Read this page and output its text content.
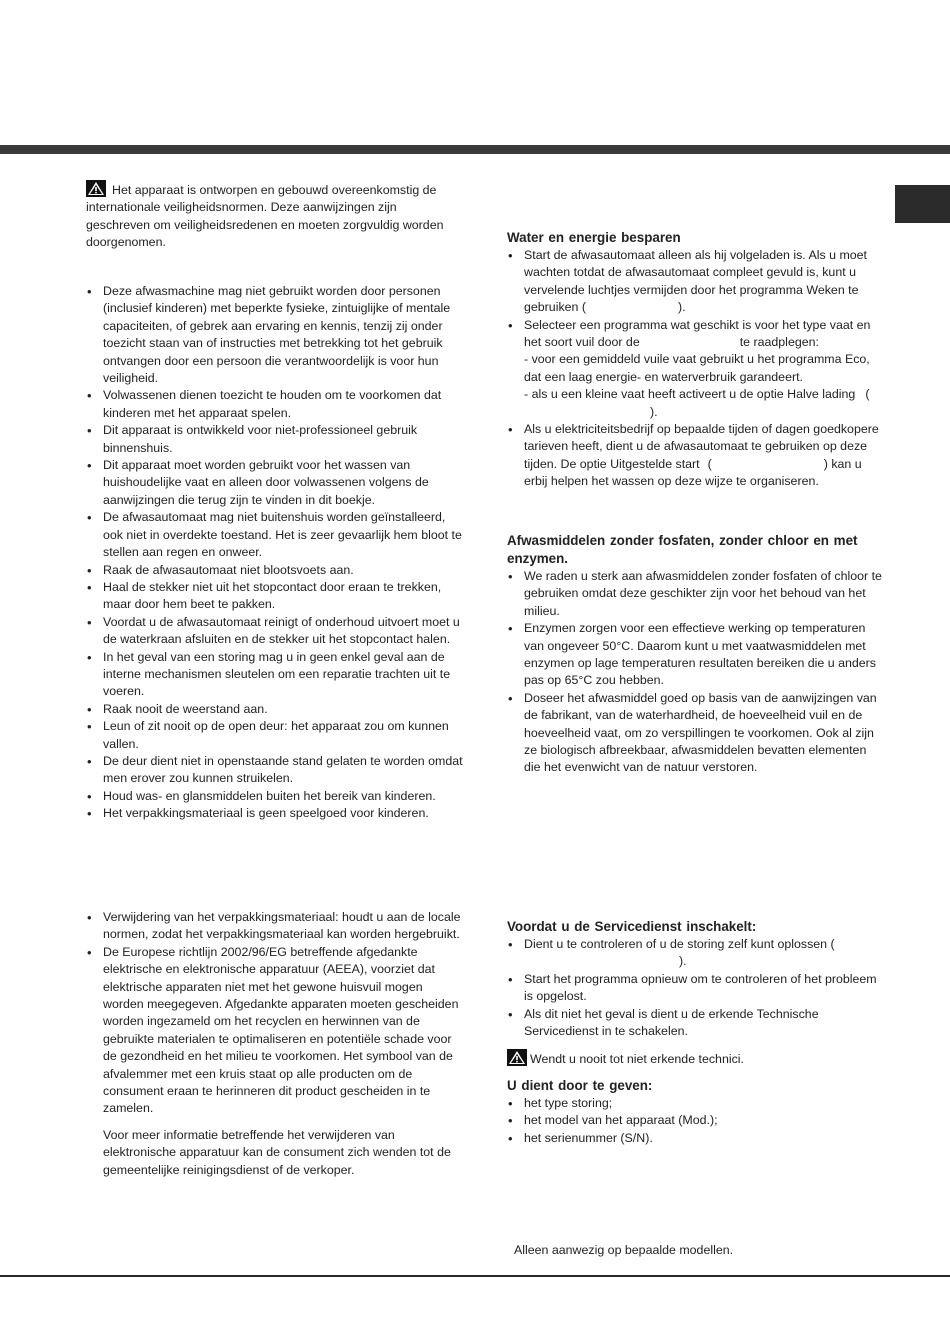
Het apparaat is ontworpen en gebouwd overeenkomstig de internationale veiligheidsnormen. Deze aanwijzingen zijn geschreven om veiligheidsredenen en moeten zorgvuldig worden doorgenomen.

• Deze afwasmachine mag niet gebruikt worden door personen (inclusief kinderen) met beperkte fysieke, zintuiglijke of mentale capaciteiten, of gebrek aan ervaring en kennis, tenzij zij onder toezicht staan van of instructies met betrekking tot het gebruik ontvangen door een persoon die verantwoordelijk is voor hun veiligheid.
• Volwassenen dienen toezicht te houden om te voorkomen dat kinderen met het apparaat spelen.
• Dit apparaat is ontwikkeld voor niet-professioneel gebruik binnenshuis.
• Dit apparaat moet worden gebruikt voor het wassen van huishoudelijke vaat en alleen door volwassenen volgens de aanwijzingen die terug zijn te vinden in dit boekje.
• De afwasautomaat mag niet buitenshuis worden geïnstalleerd, ook niet in overdekte toestand. Het is zeer gevaarlijk hem bloot te stellen aan regen en onweer.
• Raak de afwasautomaat niet blootsvoets aan.
• Haal de stekker niet uit het stopcontact door eraan te trekken, maar door hem beet te pakken.
• Voordat u de afwasautomaat reinigt of onderhoud uitvoert moet u de waterkraan afsluiten en de stekker uit het stopcontact halen.
• In het geval van een storing mag u in geen enkel geval aan de interne mechanismen sleutelen om een reparatie trachten uit te voeren.
• Raak nooit de weerstand aan.
• Leun of zit nooit op de open deur: het apparaat zou om kunnen vallen.
• De deur dient niet in openstaande stand gelaten te worden omdat men erover zou kunnen struikelen.
• Houd was- en glansmiddelen buiten het bereik van kinderen.
• Het verpakkingsmateriaal is geen speelgoed voor kinderen.
• Verwijdering van het verpakkingsmateriaal: houdt u aan de locale normen, zodat het verpakkingsmateriaal kan worden hergebruikt.
• De Europese richtlijn 2002/96/EG betreffende afgedankte elektrische en elektronische apparatuur (AEEA), voorziet dat elektrische apparaten niet met het gewone huisvuil mogen worden meegegeven. Afgedankte apparaten moeten gescheiden worden ingezameld om het recyclen en herwinnen van de gebruikte materialen te optimaliseren en potentiële schade voor de gezondheid en het milieu te voorkomen. Het symbool van de afvalemmer met een kruis staat op alle producten om de consument eraan te herinneren dit product gescheiden in te zamelen.

Voor meer informatie betreffende het verwijderen van elektronische apparatuur kan de consument zich wenden tot de gemeentelijke reinigingsdienst of de verkoper.

Water en energie besparen

• Start de afwasautomaat alleen als hij volgeladen is. Als u moet wachten totdat de afwasautomaat compleet gevuld is, kunt u vervelende luchtjes vermijden door het programma Weken te gebruiken (	).
• Selecteer een programma wat geschikt is voor het type vaat en het soort vuil door de	te raadplegen:
- voor een gemiddeld vuile vaat gebruikt u het programma Eco, dat een laag energie- en waterverbruik garandeert.
- als u een kleine vaat heeft activeert u de optie Halve lading ().
• Als u elektriciteitsbedrijf op bepaalde tijden of dagen goedkopere tarieven heeft, dient u de afwasautomaat te gebruiken op deze tijden. De optie Uitgestelde start (	) kan u erbij helpen het wassen op deze wijze te organiseren.

Afwasmiddelen zonder fosfaten, zonder chloor en met enzymen.

• We raden u sterk aan afwasmiddelen zonder fosfaten of chloor te gebruiken omdat deze geschikter zijn voor het behoud van het milieu.
• Enzymen zorgen voor een effectieve werking op temperaturen van ongeveer 50°C. Daarom kunt u met vaatwasmiddelen met enzymen op lage temperaturen resultaten bereiken die u anders pas op 65°C zou hebben.
• Doseer het afwasmiddel goed op basis van de aanwijzingen van de fabrikant, van de waterhardheid, de hoeveelheid vuil en de hoeveelheid vaat, om zo verspillingen te voorkomen. Ook al zijn ze biologisch afbreekbaar, afwasmiddelen bevatten elementen die het evenwicht van de natuur verstoren.

Voordat u de Servicedienst inschakelt:

• Dient u te controleren of u de storing zelf kunt oplossen (
).
• Start het programma opnieuw om te controleren of het probleem is opgelost.
• Als dit niet het geval is dient u de erkende Technische Servicedienst in te schakelen.

Wendt u nooit tot niet erkende technici.

U dient door te geven:

• het type storing;
• het model van het apparaat (Mod.);
• het serienummer (S/N).

Alleen aanwezig op bepaalde modellen.
